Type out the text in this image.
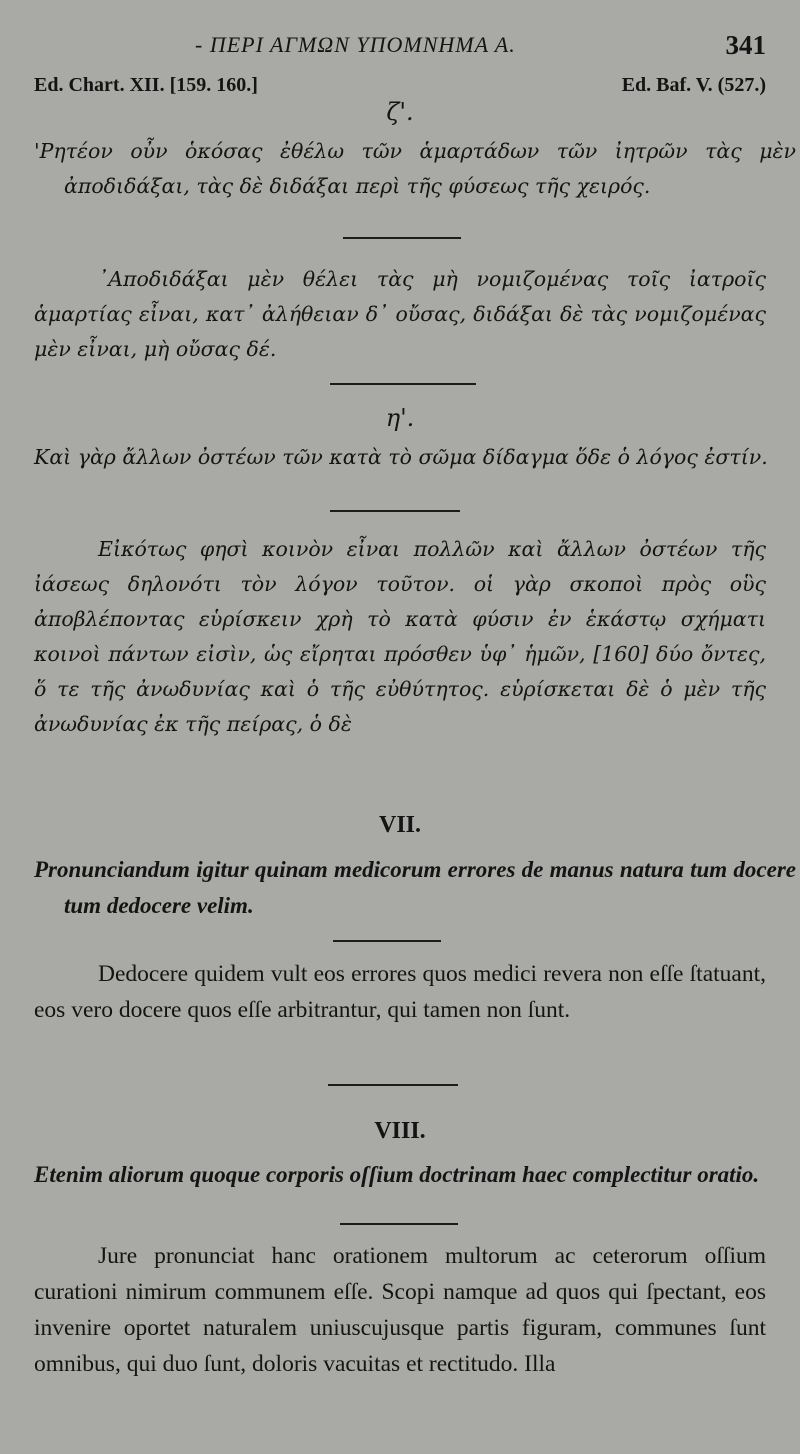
- ΠΕΡΙ ΑΓΜΩΝ ΥΠΟΜΝΗΜΑ Α.	341
Ed. Chart. XII. [159. 160.]	Ed. Baf. V. (527.)
ζ'.
'Ρητέον οὖν ὁκόσας ἐθέλω τῶν ἁμαρτάδων τῶν ἰητρῶν τὰς μὲν ἀποδιδάξαι, τὰς δὲ διδάξαι περὶ τῆς φύσεως τῆς χειρός.
᾿Αποδιδάξαι μὲν θέλει τὰς μὴ νομιζομένας τοῖς ἰατροῖς ἁμαρτίας εἶναι, κατ᾿ ἀλήθειαν δ᾿ οὔσας, διδάξαι δὲ τὰς νομιζομένας μὲν εἶναι, μὴ οὔσας δέ.
η'.
Καὶ γὰρ ἄλλων ὀστέων τῶν κατὰ τὸ σῶμα δίδαγμα ὅδε ὁ λόγος ἐστίν.
Εἰκότως φησὶ κοινὸν εἶναι πολλῶν καὶ ἄλλων ὀστέων τῆς ἰάσεως δηλονότι τὸν λόγον τοῦτον. οἱ γὰρ σκοποὶ πρὸς οὓς ἀποβλέποντας εὑρίσκειν χρὴ τὸ κατὰ φύσιν ἐν ἑκάστῳ σχήματι κοινοὶ πάντων εἰσὶν, ὡς εἴρηται πρόσθεν ὑφ᾿ ἡμῶν, [160] δύο ὄντες, ὅ τε τῆς ἀνωδυνίας καὶ ὁ τῆς εὐθύτητος. εὑρίσκεται δὲ ὁ μὲν τῆς ἀνωδυνίας ἐκ τῆς πείρας, ὁ δὲ
VII.
Pronunciandum igitur quinam medicorum errores de manus natura tum docere tum dedocere velim.
Dedocere quidem vult eos errores quos medici revera non eſſe ſtatuant, eos vero docere quos eſſe arbitrantur, qui tamen non ſunt.
VIII.
Etenim aliorum quoque corporis oſſium doctrinam haec complectitur oratio.
Jure pronunciat hanc orationem multorum ac ceterorum oſſium curationi nimirum communem eſſe. Scopi namque ad quos qui ſpectant, eos invenire oportet naturalem uniuscujusque partis figuram, communes ſunt omnibus, qui duo ſunt, doloris vacuitas et rectitudo. Illa
